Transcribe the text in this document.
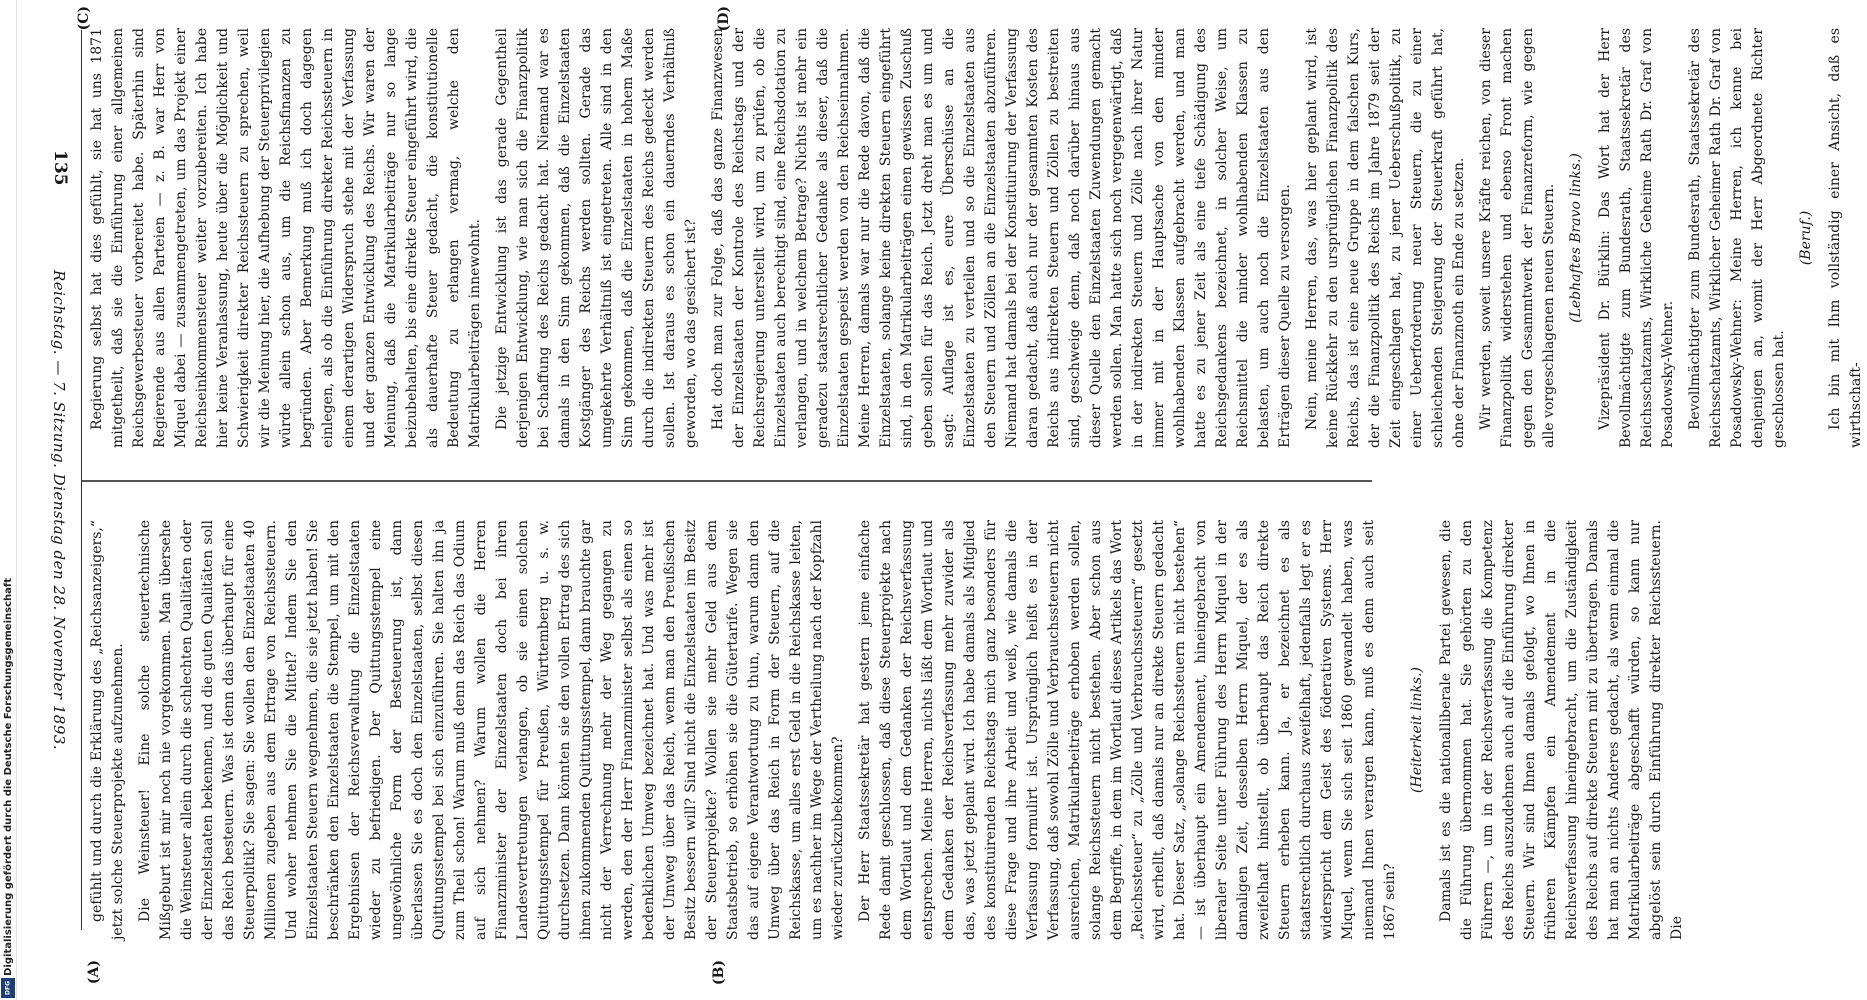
Digitalisierung gefördert durch die Deutsche Forschungsgemeinschaft
DFG
135
Reichstag. — 7. Sitzung. Dienstag den 28. November 1893.

Regierung selbst hat dies gefühlt, sie hat uns 1871 mitgetheilt, daß sie die Einführung einer allgemeinen Reichsgewerbesteuer vorbereitet habe. Späterhin sind Regierende aus allen Parteien — z. B. war Herr von Miquel dabei — zusammengetreten, um das Projekt einer Reichseinkommensteuer weiter vorzubereiten. Ich habe hier keine Veranlassung, heute über die Möglichkeit und Schwierigkeit direkter Reichssteuern zu sprechen, weil wir die Meinung hier, die Aufhebung der Steuerprivilegien würde allein schon aus, um die Reichsfinanzen zu begründen. Aber Bemerkung muß ich doch dagegen einlegen, als ob die Einführung direkter Reichssteuern in einem derartigen Widerspruch stehe mit der Verfassung und der ganzen Entwicklung des Reichs. Wir waren der Meinung, daß die Matrikularbeiträge nur so lange beizubehalten, bis eine direkte Steuer eingeführt wird, die als dauerhafte Steuer gedacht, die konstitutionelle Bedeutung zu erlangen vermag, welche den Matrikularbeiträgen innewohnt. Die jetzige Entwicklung ist das gerade Gegentheil derjenigen Entwicklung, wie man sich die Finanzpolitik bei Schaffung des Reichs gedacht hat. Niemand war es damals in den Sinn gekommen, daß die Einzelstaaten Kostgänger des Reichs werden sollten. Gerade das umgekehrte Verhältniß ist eingetreten. Alle sind in den Sinn gekommen, daß die Einzelstaaten in hohem Maße durch die indirekten Steuern des Reichs gedeckt werden sollen. Ist daraus es schon ein dauerndes Verhältniß geworden, wo das gesichert ist? Hat doch man zur Folge, daß das ganze Finanzwesen der Einzelstaaten der Kontrole des Reichstags und der Reichsregierung unterstellt wird, um zu prüfen, ob die Einzelstaaten auch berechtigt sind, eine Reichsdotation zu verlangen, und in welchem Betrage? Nichts ist mehr ein geradezu staatsrechtlicher Gedanke als dieser, daß die Einzelstaaten gespeist werden von den Reichseinnahmen. Meine Herren, damals war nur die Rede davon, daß die Einzelstaaten, solange keine direkten Steuern eingeführt sind, in den Matrikularbeiträgen einen gewissen Zuschuß geben sollen für das Reich. Jetzt dreht man es um und sagt: Auflage ist es, eure Überschüsse an die Einzelstaaten zu verteilen und so die Einzelstaaten aus den Steuern und Zöllen an die Einzelstaaten abzuführen. Niemand hat damals bei der Konstituirung der Verfassung daran gedacht, daß auch nur der gesammten Kosten des Reichs aus indirekten Steuern und Zöllen zu bestreiten sind, geschweige denn, daß noch darüber hinaus aus dieser Quelle den Einzelstaaten Zuwendungen gemacht werden sollen. Man hatte sich noch vergegenwärtigt, daß in der indirekten Steuern und Zölle nach ihrer Natur immer mit in der Hauptsache von den minder wohlhabenden Klassen aufgebracht werden, und man hatte es zu jener Zeit als eine tiefe Schädigung des Reichsgedankens bezeichnet, in solcher Weise, um Reichsmittel die minder wohlhabenden Klassen zu belasten, um auch noch die Einzelstaaten aus den Erträgen dieser Quelle zu versorgen. Nein, meine Herren, das, was hier geplant wird, ist keine Rückkehr zu den ursprünglichen Finanzpolitik des Reichs, das ist eine neue Gruppe in dem falschen Kurs, der die Finanzpolitik des Reichs im Jahre 1879 seit der Zeit eingeschlagen hat, zu jener Ueberschußpolitik, zu einer Ueberforderung neuer Steuern, die zu einer schleichenden Steigerung der Steuerkraft geführt hat, ohne der Finanznoth ein Ende zu setzen. Wir werden, soweit unsere Kräfte reichen, von dieser Finanzpolitik widerstehen und ebenso Front machen gegen den Gesammtwerk der Finanzreform, wie gegen alle vorgeschlagenen neuen Steuern. (Lebhaftes Bravo links.) Vizepräsident Dr. Bürklin: Das Wort hat der Herr Bevollmächtigte zum Bundesrath, Staatssekretär des Reichsschatzamts, Wirkliche Geheime Rath Dr. Graf von Posadowsky-Wehner. Bevollmächtigter zum Bundesrath, Staatssekretär des Reichsschatzamts, Wirklicher Geheimer Rath Dr. Graf von Posadowsky-Wehner: Meine Herren, ich kenne bei denjenigen an, womit der Herr Abgeordnete Richter geschlossen hat.

(Beruf.) Ich bin mit Ihm vollständig einer Ansicht, daß es wirthschaft-

gefühlt und durch die Erklärung des „Reichsanzeigers,“ jetzt solche Steuerprojekte aufzunehmen. Die Weinsteuer! Eine solche steuertechnische Mißgeburt ist mir noch nie vorgekommen. Man übersehe die Weinsteuer allein durch die schlechten Qualitäten oder der Einzelstaaten bekennen, und die guten Qualitäten soll das Reich besteuern. Was ist denn das überhaupt für eine Steuerpolitik? Sie sagen: Sie wollen den Einzelstaaten 40 Millionen zugeben aus dem Ertrage von Reichssteuern. Und woher nehmen Sie die Mittel? Indem Sie den Einzelstaaten Steuern wegnehmen, die sie jetzt haben! Sie beschränken den Einzelstaaten die Stempel, um mit den Ergebnissen der Reichsverwaltung die Einzelstaaten wieder zu befriedigen. Der Quittungsstempel eine ungewöhnliche Form der Besteuerung ist, dann überlassen Sie es doch den Einzelstaaten, selbst diesen Quittungsstempel bei sich einzuführen. Sie halten ihn ja zum Theil schon! Warum muß denn das Reich das Odium auf sich nehmen? Warum wollen die Herren Finanzminister der Einzelstaaten doch bei ihren Landesvertretungen verlangen, ob sie einen solchen Quittungsstempel für Preußen, Württemberg u. s. w. durchsetzen. Dann könnten sie den vollen Ertrag des sich ihnen zukommenden Quittungsstempel, dann brauchte gar nicht der Verrechnung mehr der Weg gegangen zu werden, den der Herr Finanzminister selbst als einen so bedenklichen Umweg bezeichnet hat. Und was mehr ist der Umweg über das Reich, wenn man den Preußischen Besitz bessern will? Sind nicht die Einzelstaaten im Besitz der Steuerprojekte? Wollen sie mehr Geld aus dem Staatsbetrieb, so erhöhen sie die Gütertarife. Wegen sie das auf eigene Verantwortung zu thun, warum dann den Umweg über das Reich in Form der Steuern, auf die Reichskasse, um alles erst Geld in die Reichskasse leiten, um es nachher im Wege der Vertheilung nach der Kopfzahl wieder zurückzubekommen? Der Herr Staatssekretär hat gestern jeme einfache Rede damit geschlossen, daß diese Steuerprojekte nach dem Wortlaut und dem Gedanken der Reichsverfassung entsprechen. Meine Herren, nichts läßt dem Wortlaut und dem Gedanken der Reichsverfassung mehr zuwider als das, was jetzt geplant wird. Ich habe damals als Mitglied des konstituirenden Reichstags mich ganz besonders für diese Frage und ihre Arbeit und weiß, wie damals die Verfassung formulirt ist. Ursprünglich heißt es in der Verfassung, daß sowohl Zölle und Verbrauchssteuern nicht ausreichen, Matrikularbeiträge erhoben werden sollen, solange Reichssteuern nicht bestehen. Aber schon aus dem Begriffe, in dem im Wortlaut dieses Artikels das Wort „Reichssteuer“ zu „Zölle und Verbrauchssteuern“ gesetzt wird, erhellt, daß damals nur an direkte Steuern gedacht hat. Dieser Satz, „solange Reichssteuern nicht bestehen“ — ist überhaupt ein Amendement, hineingebracht von liberaler Seite unter Führung des Herrn Miquel in der damaligen Zeit, desselben Herrn Miquel, der es als zweifelhaft hinstellt, ob überhaupt das Reich direkte Steuern erheben kann. Ja, er bezeichnet es als staatsrechtlich durchaus zweifelhaft, jedenfalls legt er es widerspricht dem Geist des föderativen Systems. Herr Miquel, wenn Sie sich seit 1860 gewandelt haben, was niemand Ihnen verargen kann, muß es denn auch seit 1867 sein?

(Heiterkeit links.) Damals ist es die nationalliberale Partei gewesen, die die Führung übernommen hat. Sie gehörten zu den Führern —, um in der Reichsverfassung die Kompetenz des Reichs auszudehnen auch auf die Einführung direkter Steuern. Wir sind Ihnen damals gefolgt, wo Ihnen in früheren Kämpfen ein Amendement in die Reichsverfassung hineingebracht, um die Zuständigkeit des Reichs auf direkte Steuern mit zu übertragen. Damals hat man an nichts Anderes gedacht, als wenn einmal die Matrikularbeiträge abgeschafft würden, so kann nur abgelöst sein durch Einführung direkter Reichssteuern. Die

(A)	(B)
(C)	(D)
